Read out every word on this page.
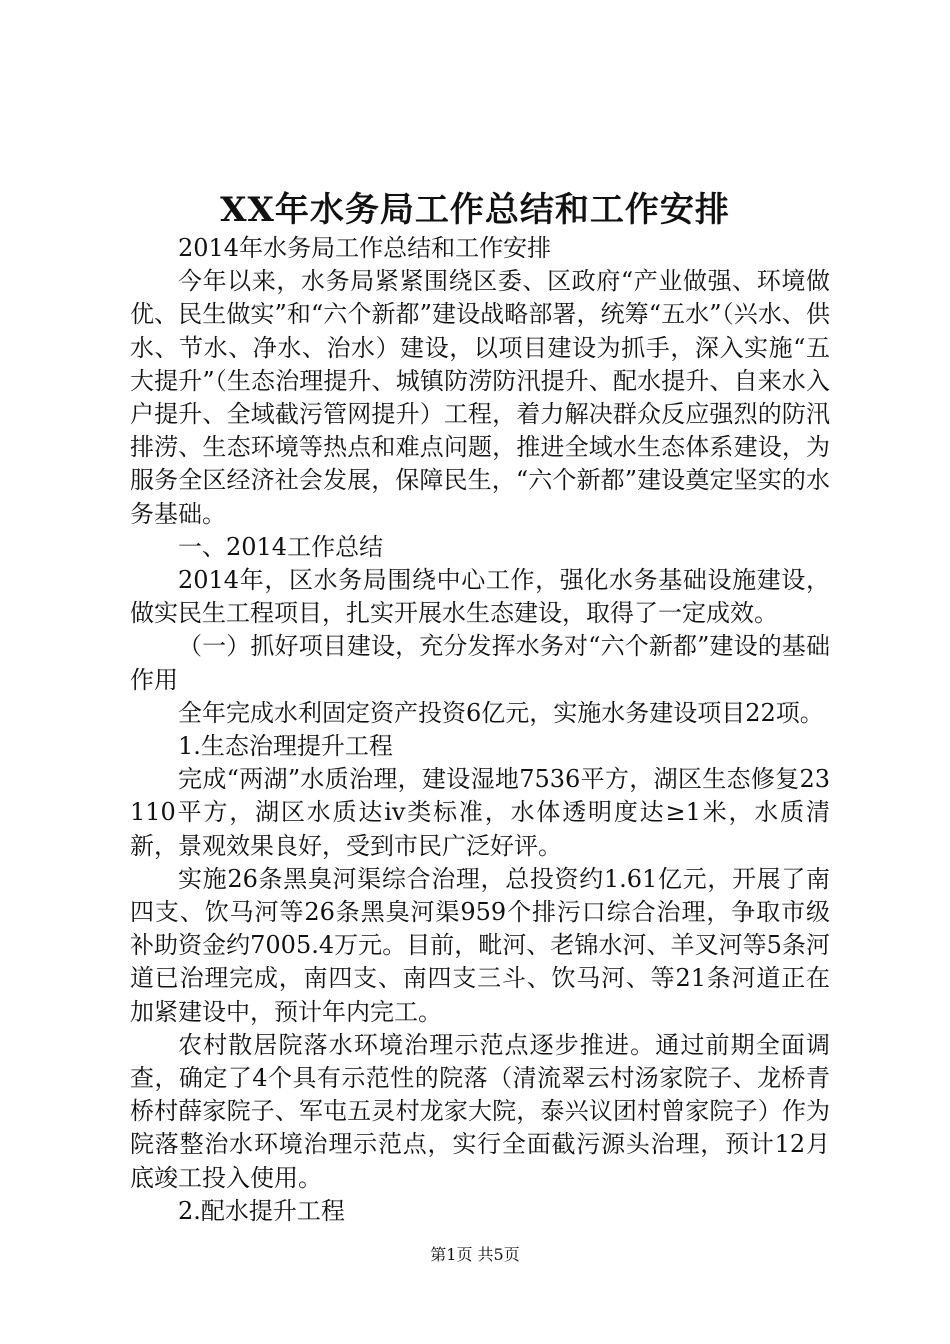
XX年水务局工作总结和工作安排

2014年水务局工作总结和工作安排

今年以来，水务局紧紧围绕区委、区政府“产业做强、环境做优、民生做实”和“六个新都”建设战略部署，统筹“五水”（兴水、供水、节水、净水、治水）建设，以项目建设为抓手，深入实施“五大提升”（生态治理提升、城镇防涝防汛提升、配水提升、自来水入户提升、全域截污管网提升）工程，着力解决群众反应强烈的防汛排涝、生态环境等热点和难点问题，推进全域水生态体系建设，为服务全区经济社会发展，保障民生，“六个新都”建设奠定坚实的水务基础。

一、2014工作总结

2014年，区水务局围绕中心工作，强化水务基础设施建设，做实民生工程项目，扎实开展水生态建设，取得了一定成效。

（一）抓好项目建设，充分发挥水务对“六个新都”建设的基础作用

全年完成水利固定资产投资6亿元，实施水务建设项目22项。

1.生态治理提升工程

完成“两湖”水质治理，建设湿地7536平方，湖区生态修复23110平方，湖区水质达iv类标准，水体透明度达≥1米，水质清新，景观效果良好，受到市民广泛好评。

实施26条黑臭河渠综合治理，总投资约1.61亿元，开展了南四支、饮马河等26条黑臭河渠959个排污口综合治理，争取市级补助资金约7005.4万元。目前，毗河、老锦水河、羊叉河等5条河道已治理完成，南四支、南四支三斗、饮马河、等21条河道正在加紧建设中，预计年内完工。

农村散居院落水环境治理示范点逐步推进。通过前期全面调查，确定了4个具有示范性的院落（清流翠云村汤家院子、龙桥青桥村薛家院子、军屯五灵村龙家大院，泰兴议团村曾家院子）作为院落整治水环境治理示范点，实行全面截污源头治理，预计12月底竣工投入使用。

2.配水提升工程

第1页 共5页
